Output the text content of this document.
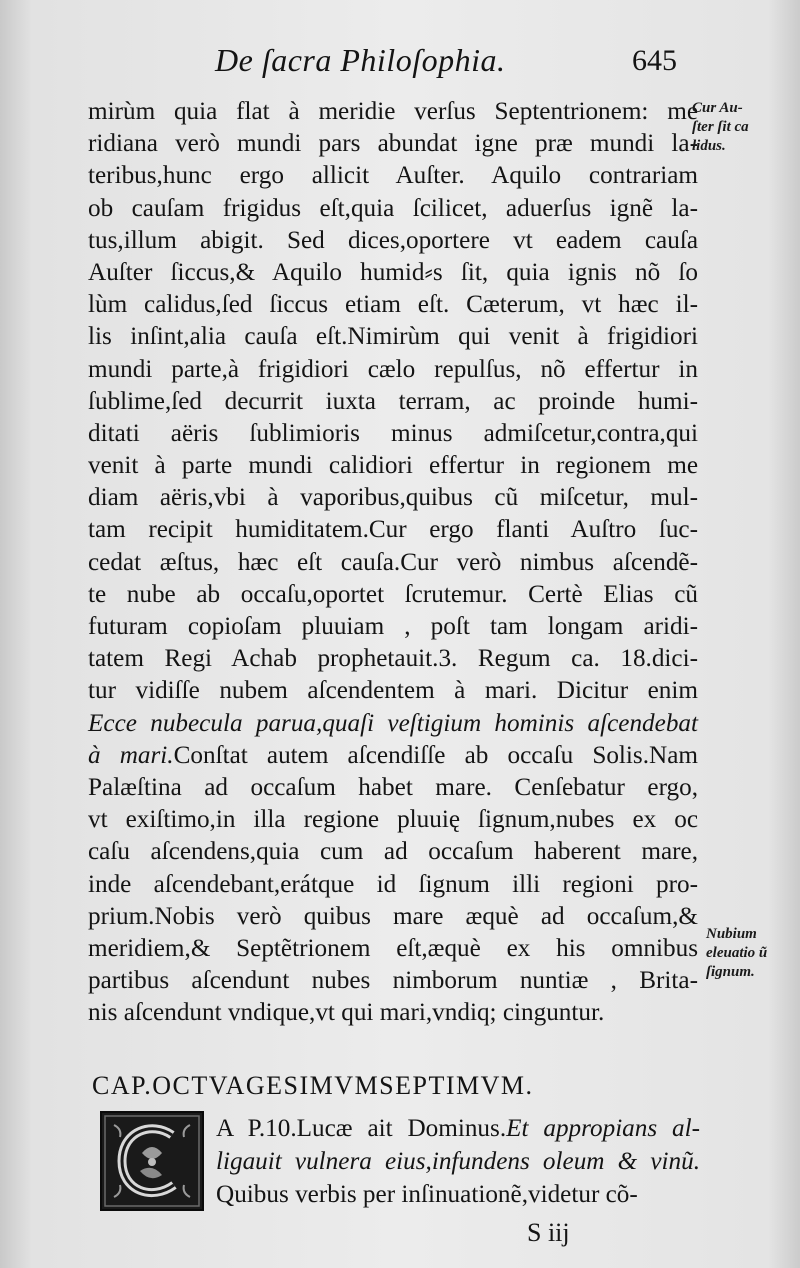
De ſacra Philoſophia.	645
mirùm quia flat à meridie verſus Septentrionem: me
ridiana verò mundi pars abundat igne præ mundi la-
teribus,hunc ergo allicit Auſter. Aquilo contrariam
ob cauſam frigidus eſt,quia ſcilicet, aduerſus ignẽ la-
tus,illum abigit. Sed dices,oportere vt eadem cauſa
Auſter ſiccus,& Aquilo humid⸗s ſit, quia ignis nõ ſo
lùm calidus,ſed ſiccus etiam eſt. Cæterum, vt hæc il-
lis inſint,alia cauſa eſt.Nimirùm qui venit à frigidiori
mundi parte,à frigidiori cælo repulſus, nõ effertur in
ſublime,ſed decurrit iuxta terram, ac proinde humi-
ditati aëris ſublimioris minus admiſcetur,contra,qui
venit à parte mundi calidiori effertur in regionem me
diam aëris,vbi à vaporibus,quibus cũ miſcetur, mul-
tam recipit humiditatem.Cur ergo flanti Auſtro ſuc-
cedat æſtus, hæc eſt cauſa.Cur verò nimbus aſcendẽ-
te nube ab occaſu,oportet ſcrutemur. Certè Elias cũ
futuram copioſam pluuiam , poſt tam longam aridi-
tatem Regi Achab prophetauit.3. Regum ca. 18.dici-
tur vidiſſe nubem aſcendentem à mari. Dicitur enim
Ecce nubecula parua,quaſi veſtigium hominis aſcendebat
à mari.Conſtat autem aſcendiſſe ab occaſu Solis.Nam
Palæſtina ad occaſum habet mare. Cenſebatur ergo,
vt exiſtimo,in illa regione pluuię ſignum,nubes ex oc
caſu aſcendens,quia cum ad occaſum haberent mare,
inde aſcendebant,erátque id ſignum illi regioni pro-
prium.Nobis verò quibus mare æquè ad occaſum,&
meridiem,& Septẽtrionem eſt,æquè ex his omnibus
partibus aſcendunt nubes nimborum nuntiæ , Brita-
nis aſcendunt vndique,vt qui mari,vndiq; cinguntur.
Cur Au-
ſter ſit ca
lidus.
Nubium
eleuatio ũ
ſignum.
CAP.OCTVAGESIMVMSEPTIMVM.
A P.10.Lucæ ait Dominus.Et appropians al-
ligauit vulnera eius,infundens oleum & vinũ.
Quibus verbis per inſinuationẽ,videtur cõ-
S iij
